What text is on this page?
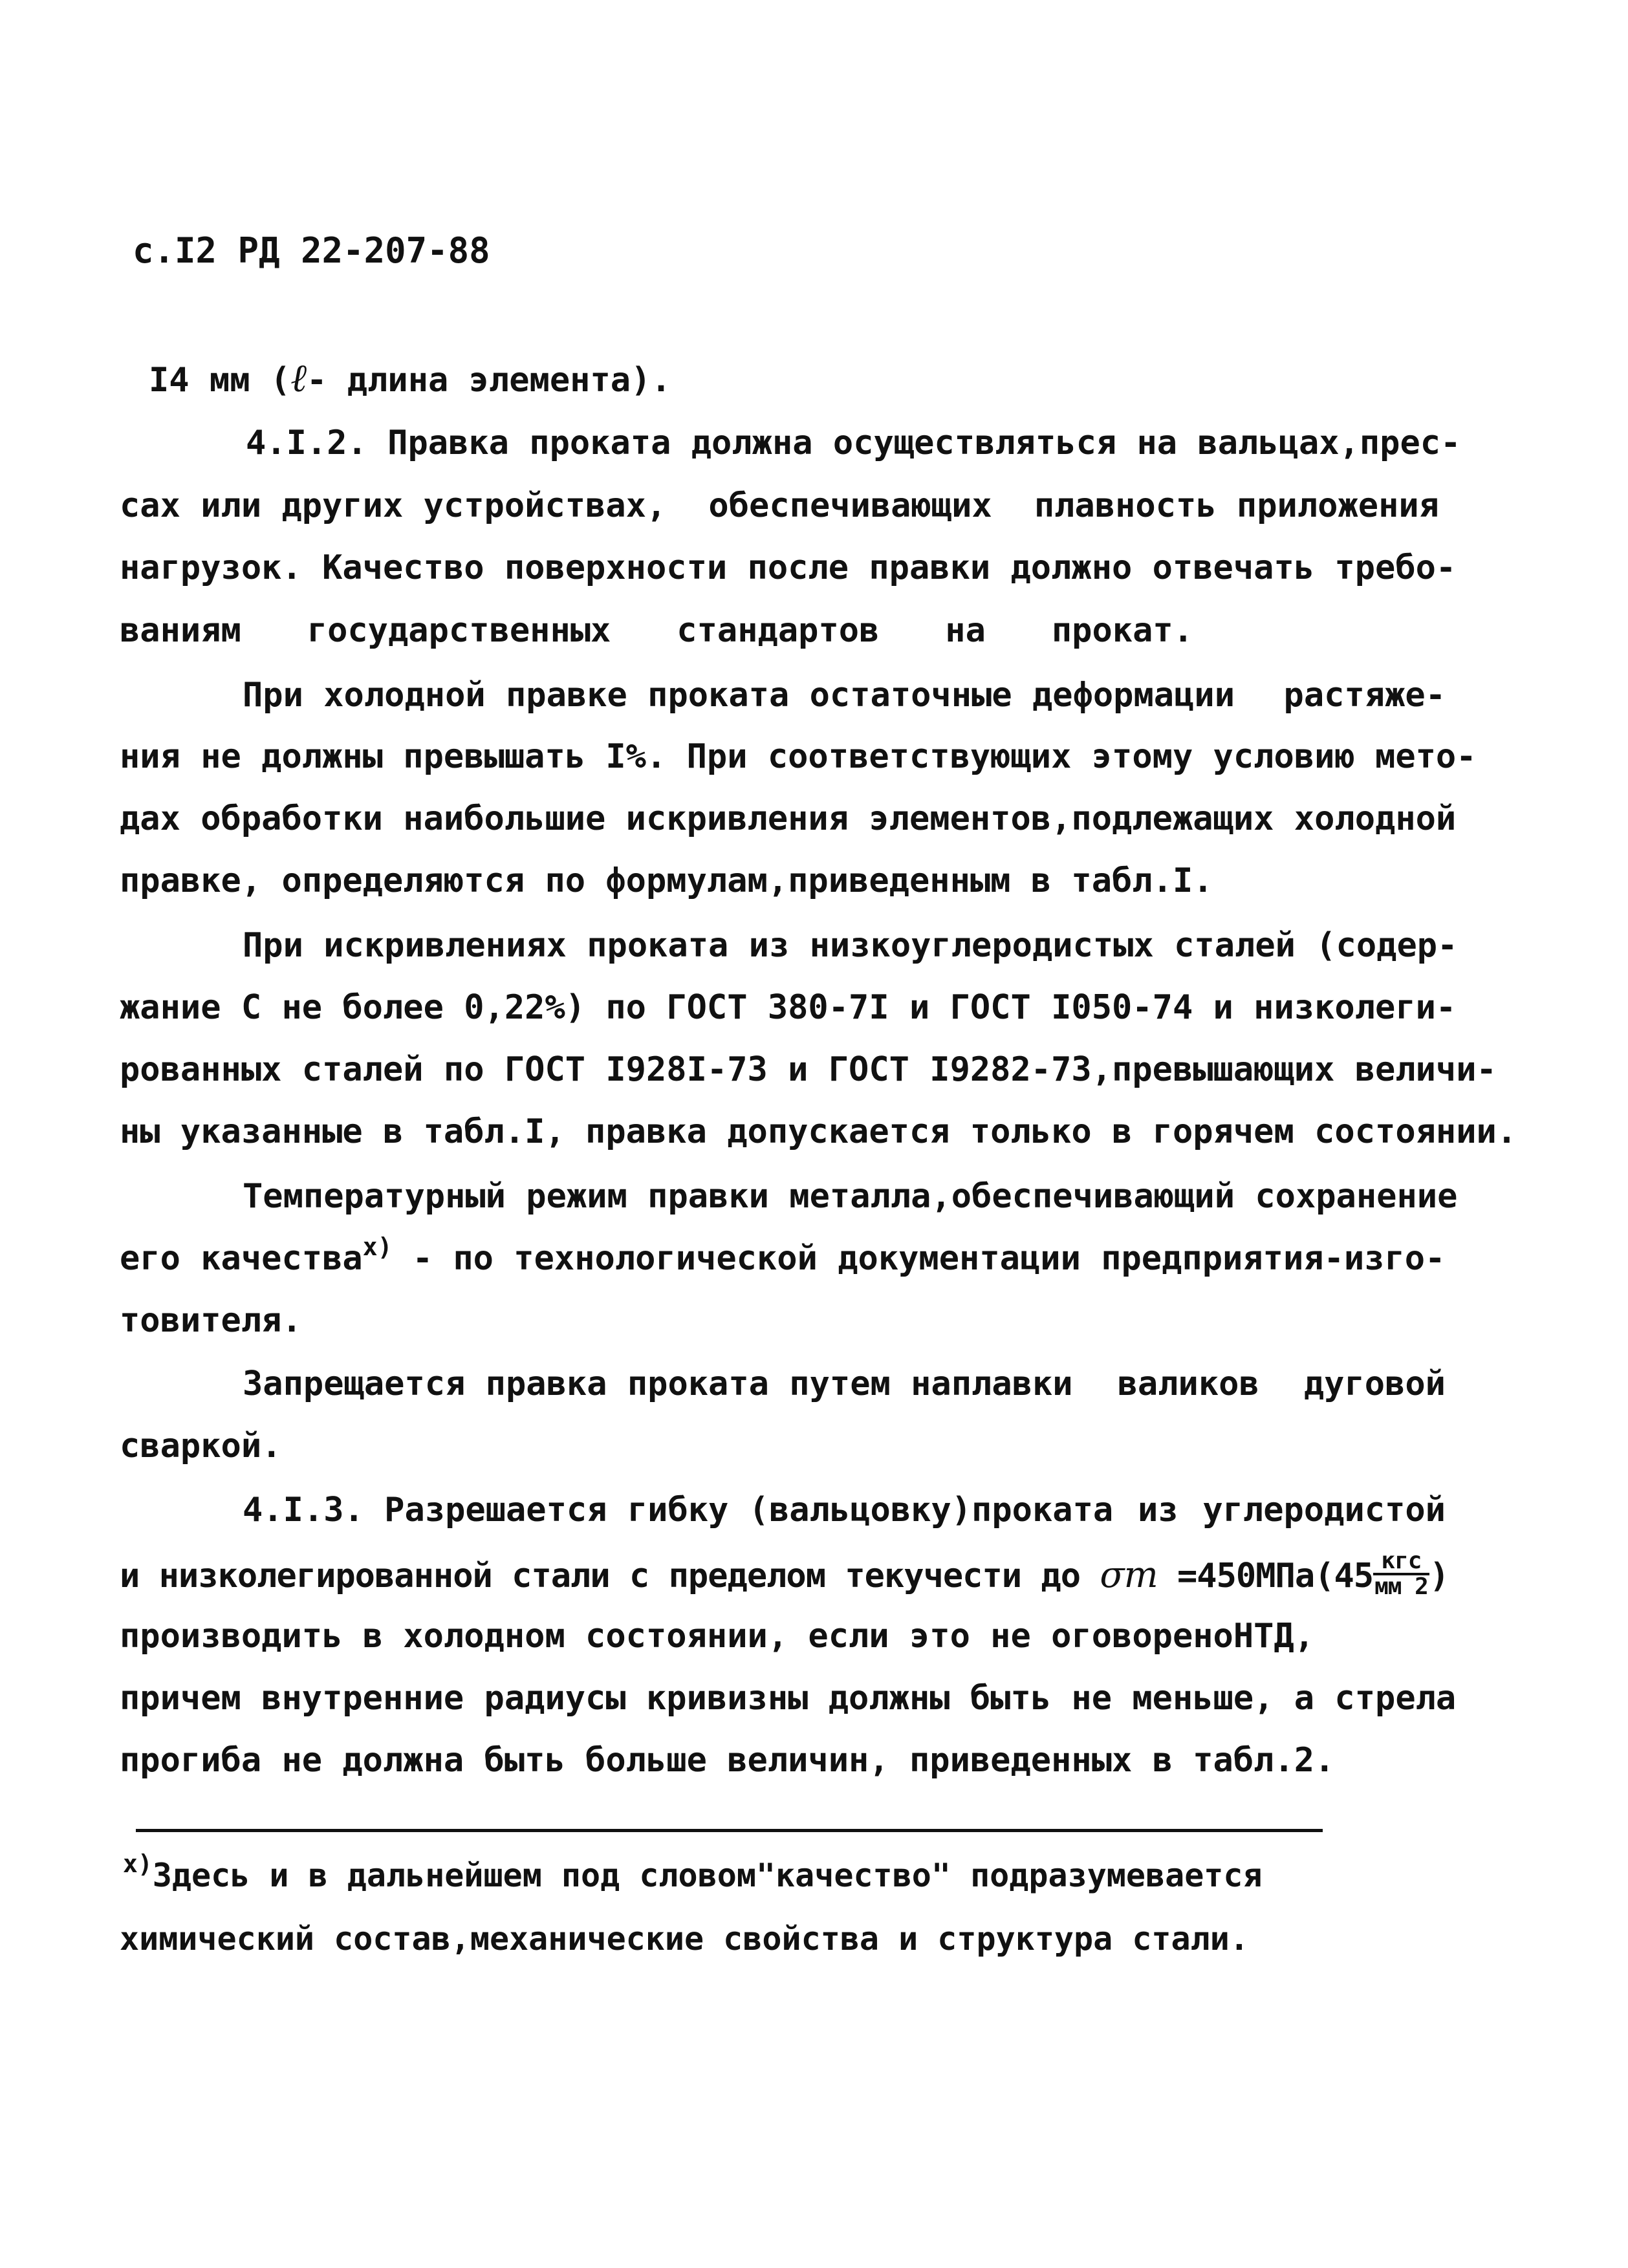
с.I2 РД 22-207-88
I4 мм (ℓ- длина элемента).
4.I.2. Правка проката должна осуществляться на вальцах,прес-
сах или других устройствах, обеспечивающих плавность приложения
нагрузок. Качество поверхности после правки должно отвечать требо-
ваниям государственных стандартов на прокат.
При холодной правке проката остаточные деформации растяже-
ния не должны превышать I%. При соответствующих этому условию мето-
дах обработки наибольшие искривления элементов,подлежащих холодной
правке, определяются по формулам,приведенным в табл.I.
При искривлениях проката из низкоуглеродистых сталей (содер-
жание С не более 0,22%) по ГОСТ 380-7I и ГОСТ I050-74 и низколеги-
рованных сталей по ГОСТ I928I-73 и ГОСТ I9282-73,превышающих величи-
ны указанные в табл.I, правка допускается только в горячем состоянии.
Температурный режим правки металла,обеспечивающий сохранение
его качества$^{x)}$ - по технологической документации предприятия-изго-
товителя.
Запрещается правка проката путем наплавки валиков дуговой
сваркой.
4.I.3. Разрешается гибку (вальцовку)проката из углеродистой
и низколегированной стали с пределом текучести до $\sigma т =450МПа(45 \frac{\text{кгс}}{мм 2}$ )
производить в холодном состоянии, если это не оговорено НТД,
причем внутренние радиусы кривизны должны быть не меньше, а стрела
прогиба не должна быть больше величин, приведенных в табл.2.
$^{x)}$Здесь и в дальнейшем под словом"качество" подразумевается
химический состав,механические свойства и структура стали.
